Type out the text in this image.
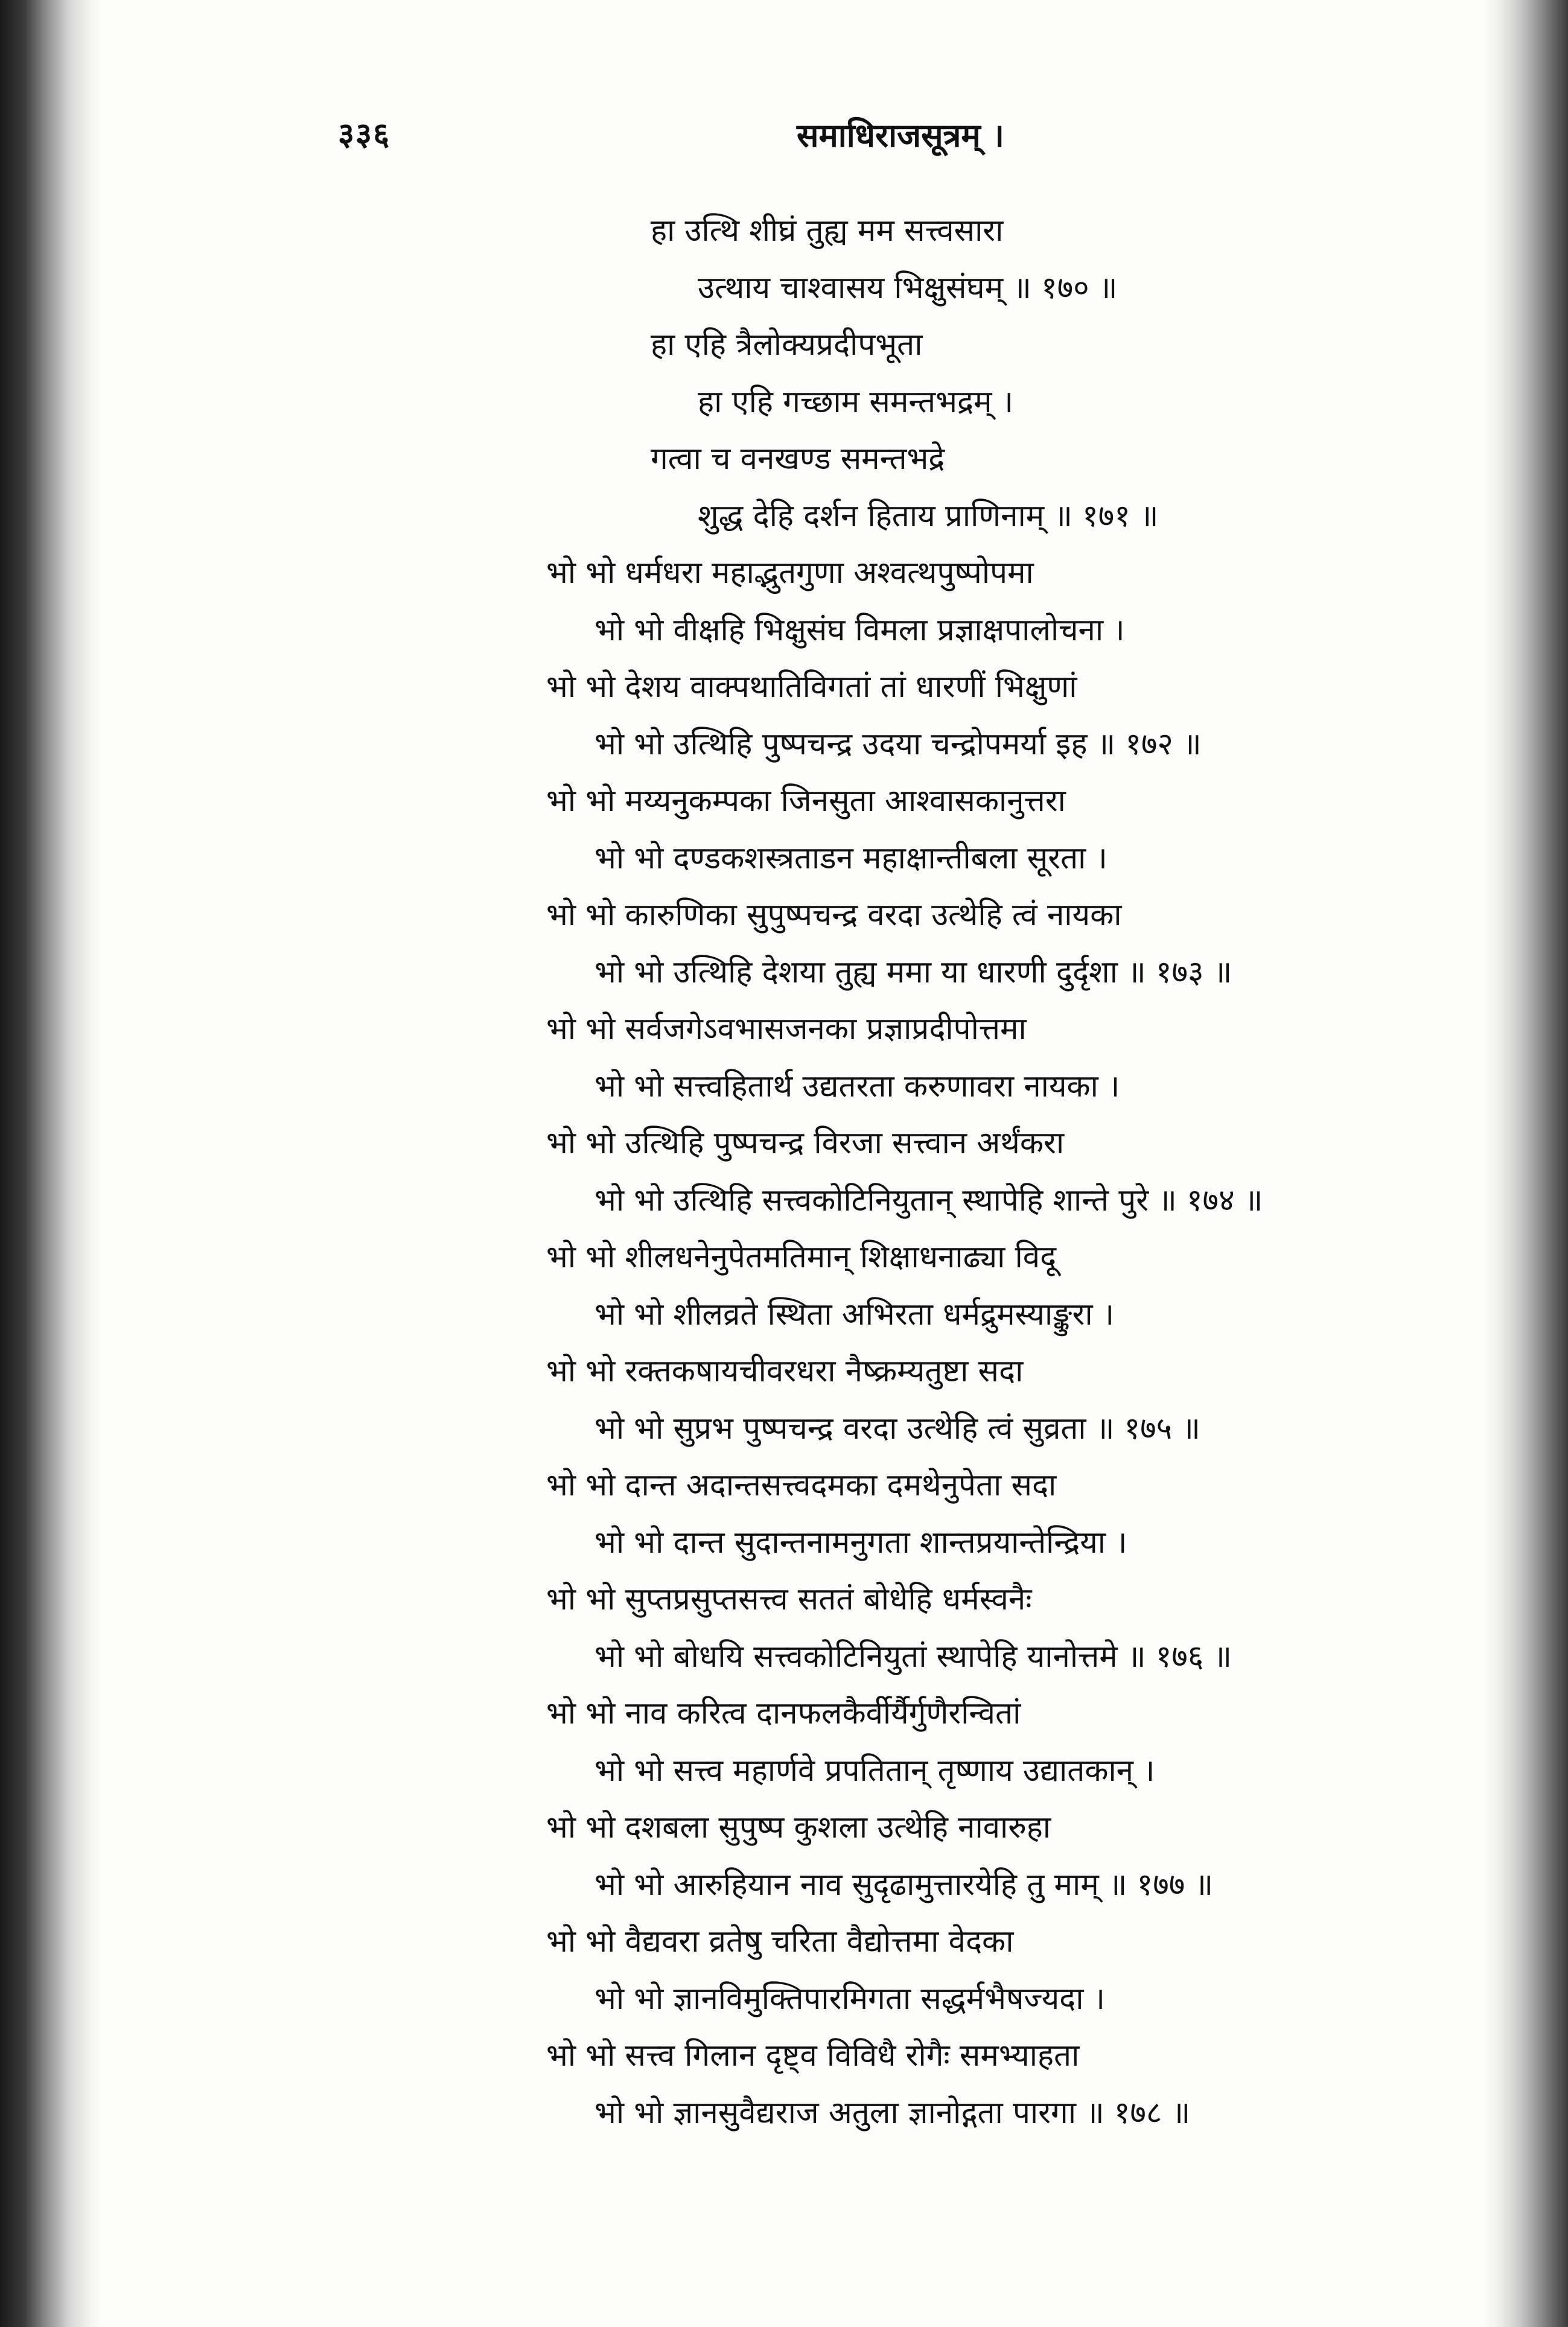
३३६	समाधिराजसूत्रम् ।
हा उत्थि शीघ्रं तुह्य मम सत्त्वसारा
उत्थाय चाश्वासय भिक्षुसंघम् ॥ १७० ॥
हा एहि त्रैलोक्यप्रदीपभूता
हा एहि गच्छाम समन्तभद्रम् ।
गत्वा च वनखण्ड समन्तभद्रे
शुद्ध देहि दर्शन हिताय प्राणिनाम् ॥ १७१ ॥
भो भो धर्मधरा महाद्भुतगुणा अश्वत्थपुष्पोपमा
भो भो वीक्षहि भिक्षुसंघ विमला प्रज्ञाक्षपालोचना ।
भो भो देशय वाक्पथातिविगतां तां धारणीं भिक्षुणां
भो भो उत्थिहि पुष्पचन्द्र उदया चन्द्रोपमर्या इह ॥ १७२ ॥
भो भो मय्यनुकम्पका जिनसुता आश्वासकानुत्तरा
भो भो दण्डकशस्त्रताडन महाक्षान्तीबला सूरता ।
भो भो कारुणिका सुपुष्पचन्द्र वरदा उत्थेहि त्वं नायका
भो भो उत्थिहि देशया तुह्य ममा या धारणी दुर्दृशा ॥ १७३ ॥
भो भो सर्वजगेऽवभासजनका प्रज्ञाप्रदीपोत्तमा
भो भो सत्त्वहितार्थ उद्यतरता करुणावरा नायका ।
भो भो उत्थिहि पुष्पचन्द्र विरजा सत्त्वान अर्थंकरा
भो भो उत्थिहि सत्त्वकोटिनियुतान् स्थापेहि शान्ते पुरे ॥ १७४ ॥
भो भो शीलधनेनुपेतमतिमान् शिक्षाधनाढ्या विदू
भो भो शीलव्रते स्थिता अभिरता धर्मद्रुमस्याङ्कुरा ।
भो भो रक्तकषायचीवरधरा नैष्क्रम्यतुष्टा सदा
भो भो सुप्रभ पुष्पचन्द्र वरदा उत्थेहि त्वं सुव्रता ॥ १७५ ॥
भो भो दान्त अदान्तसत्त्वदमका दमथेनुपेता सदा
भो भो दान्त सुदान्तनामनुगता शान्तप्रयान्तेन्द्रिया ।
भो भो सुप्तप्रसुप्तसत्त्व सततं बोधेहि धर्मस्वनैः
भो भो बोधयि सत्त्वकोटिनियुतां स्थापेहि यानोत्तमे ॥ १७६ ॥
भो भो नाव करित्व दानफलकैर्वीर्यैर्गुणैरन्वितां
भो भो सत्त्व महार्णवे प्रपतितान् तृष्णाय उद्यातकान् ।
भो भो दशबला सुपुष्प कुशला उत्थेहि नावारुहा
भो भो आरुहियान नाव सुदृढामुत्तारयेहि तु माम् ॥ १७७ ॥
भो भो वैद्यवरा व्रतेषु चरिता वैद्योत्तमा वेदका
भो भो ज्ञानविमुक्तिपारमिगता सद्धर्मभैषज्यदा ।
भो भो सत्त्व गिलान दृष्ट्व विविधै रोगैः समभ्याहता
भो भो ज्ञानसुवैद्यराज अतुला ज्ञानोद्गता पारगा ॥ १७८ ॥
